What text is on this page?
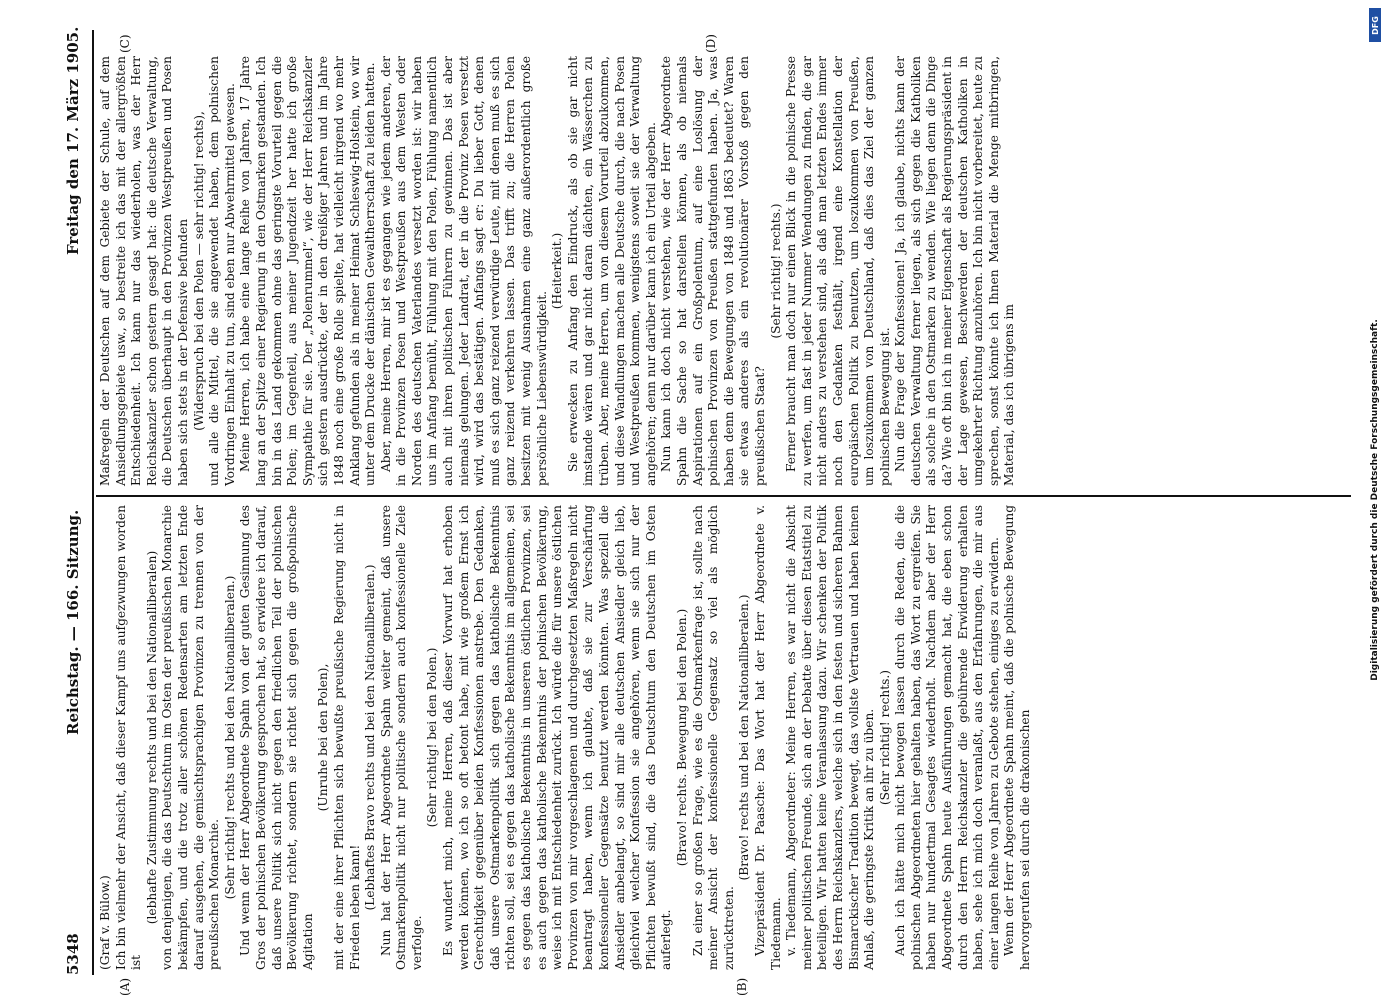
5348
Reichstag. — 166. Sitzung.
Freitag den 17. März 1905.
(A)	(B)
(C)	(D)

(Graf v. Bülow.) Ich bin vielmehr der Ansicht, daß dieser Kampf uns aufgezwungen worden ist

(lebhafte Zustimmung rechts und bei den Nationalliberalen) von denjenigen, die das Deutschtum im Osten der preußischen Monarchie bekämpfen, und die trotz aller schönen Redensarten am letzten Ende darauf ausgehen, die gemischtsprachigen Provinzen zu trennen von der preußischen Monarchie. (Sehr richtig! rechts und bei den Nationalliberalen.) Und wenn der Herr Abgeordnete Spahn von der guten Gesinnung des Gros der polnischen Bevölkerung gesprochen hat, so erwidere ich darauf, daß unsere Politik sich nicht gegen den friedlichen Teil der polnischen Bevölkerung richtet, sondern sie richtet sich gegen die großpolnische Agitation

(Unruhe bei den Polen), mit der eine ihrer Pflichten sich bewußte preußische Regierung nicht in Frieden leben kann! (Lebhaftes Bravo rechts und bei den Nationalliberalen.) Nun hat der Herr Abgeordnete Spahn weiter gemeint, daß unsere Ostmarkenpolitik nicht nur politische sondern auch konfessionelle Ziele verfolge.

(Sehr richtig! bei den Polen.) Es wundert mich, meine Herren, daß dieser Vorwurf hat erhoben werden können, wo ich so oft betont habe, mit wie großem Ernst ich Gerechtigkeit gegenüber beiden Konfessionen anstrebe. Den Gedanken, daß unsere Ostmarkenpolitik sich gegen das katholische Bekenntnis richten soll, sei es gegen das katholische Bekenntnis im allgemeinen, sei es gegen das katholische Bekenntnis in unseren östlichen Provinzen, sei es auch gegen das katholische Bekenntnis der polnischen Bevölkerung, weise ich mit Entschiedenheit zurück. Ich würde die für unsere östlichen Provinzen von mir vorgeschlagenen und durchgesetzten Maßregeln nicht beantragt haben, wenn ich glaubte, daß sie zur Verschärfung konfessioneller Gegensätze benutzt werden könnten. Was speziell die Ansiedler anbelangt, so sind mir alle deutschen Ansiedler gleich lieb, gleichviel welcher Konfession sie angehören, wenn sie sich nur der Pflichten bewußt sind, die das Deutschtum den Deutschen im Osten auferlegt.

(Bravo! rechts. Bewegung bei den Polen.) Zu einer so großen Frage, wie es die Ostmarkenfrage ist, sollte nach meiner Ansicht der konfessionelle Gegensatz so viel als möglich zurücktreten.

(Bravo! rechts und bei den Nationalliberalen.) Vizepräsident Dr. Paasche: Das Wort hat der Herr Abgeordnete v. Tiedemann. v. Tiedemann, Abgeordneter: Meine Herren, es war nicht die Absicht meiner politischen Freunde, sich an der Debatte über diesen Etatstitel zu beteiligen. Wir hatten keine Veranlassung dazu. Wir schenken der Politik des Herrn Reichskanzlers, welche sich in den festen und sicheren Bahnen Bismarckischer Tradition bewegt, das vollste Vertrauen und haben keinen Anlaß, die geringste Kritik an ihr zu üben. (Sehr richtig! rechts.) Auch ich hätte mich nicht bewogen lassen durch die Reden, die die polnischen Abgeordneten hier gehalten haben, das Wort zu ergreifen. Sie haben nur hundertmal Gesagtes wiederholt. Nachdem aber der Herr Abgeordnete Spahn heute Ausführungen gemacht hat, die eben schon durch den Herrn Reichskanzler die gebührende Erwiderung erhalten haben, sehe ich mich doch veranlaßt, aus den Erfahrungen, die mir aus einer langen Reihe von Jahren zu Gebote stehen, einiges zu erwidern. Wenn der Herr Abgeordnete Spahn meint, daß die polnische Bewegung hervorgerufen sei durch die drakonischen

Maßregeln der Deutschen auf dem Gebiete der Schule, auf dem Ansiedlungsgebiete usw., so bestreite ich das mit der allergrößten Entschiedenheit. Ich kann nur das wiederholen, was der Herr Reichskanzler schon gestern gesagt hat: die deutsche Verwaltung, die Deutschen überhaupt in den Provinzen Westpreußen und Posen haben sich stets in der Defensive befunden (Widerspruch bei den Polen — sehr richtig! rechts), und alle die Mittel, die sie angewendet haben, dem polnischen Vordringen Einhalt zu tun, sind eben nur Abwehrmittel gewesen. Meine Herren, ich habe eine lange Reihe von Jahren, 17 Jahre lang an der Spitze einer Regierung in den Ostmarken gestanden. Ich bin in das Land gekommen ohne das geringste Vorurteil gegen die Polen; im Gegenteil, aus meiner Jugendzeit her hatte ich große Sympathie für sie. Der „Polenrummel“, wie der Herr Reichskanzler sich gestern ausdrückte, der in den dreißiger Jahren und im Jahre 1848 noch eine große Rolle spielte, hat vielleicht nirgend wo mehr Anklang gefunden als in meiner Heimat Schleswig-Holstein, wo wir unter dem Drucke der dänischen Gewaltherrschaft zu leiden hatten. Aber, meine Herren, mir ist es gegangen wie jedem anderen, der in die Provinzen Posen und Westpreußen aus dem Westen oder Norden des deutschen Vaterlandes versetzt worden ist: wir haben uns im Anfang bemüht, Fühlung mit den Polen, Fühlung namentlich auch mit ihren politischen Führern zu gewinnen. Das ist aber niemals gelungen. Jeder Landrat, der in die Provinz Posen versetzt wird, wird das bestätigen. Anfangs sagt er: Du lieber Gott, denen muß es sich ganz reizend verwürdige Leute, mit denen muß es sich ganz reizend verkehren lassen. Das trifft zu; die Herren Polen besitzen mit wenig Ausnahmen eine ganz außerordentlich große persönliche Liebenswürdigkeit.

(Heiterkeit.) Sie erwecken zu Anfang den Eindruck, als ob sie gar nicht imstande wären und gar nicht daran dächten, ein Wässerchen zu trüben. Aber, meine Herren, um von diesem Vorurteil abzukommen, und diese Wandlungen machen alle Deutsche durch, die nach Posen und Westpreußen kommen, wenigstens soweit sie der Verwaltung angehören; denn nur darüber kann ich ein Urteil abgeben. Nun kann ich doch nicht verstehen, wie der Herr Abgeordnete Spahn die Sache so hat darstellen können, als ob niemals Aspirationen auf ein Großpolentum, auf eine Loslösung der polnischen Provinzen von Preußen stattgefunden haben. Ja, was haben denn die Bewegungen von 1848 und 1863 bedeutet? Waren sie etwas anderes als ein revolutionärer Vorstoß gegen den preußischen Staat?

(Sehr richtig! rechts.) Ferner braucht man doch nur einen Blick in die polnische Presse zu werfen, um fast in jeder Nummer Wendungen zu finden, die gar nicht anders zu verstehen sind, als daß man letzten Endes immer noch den Gedanken festhält, irgend eine Konstellation der europäischen Politik zu benutzen, um loszukommen von Preußen, um loszukommen von Deutschland, daß dies das Ziel der ganzen polnischen Bewegung ist. Nun die Frage der Konfessionen! Ja, ich glaube, nichts kann der deutschen Verwaltung ferner liegen, als sich gegen die Katholiken als solche in den Ostmarken zu wenden. Wie liegen denn die Dinge da? Wie oft bin ich in meiner Eigenschaft als Regierungspräsident in der Lage gewesen, Beschwerden der deutschen Katholiken in umgekehrter Richtung anzuhören. Ich bin nicht vorbereitet, heute zu sprechen, sonst könnte ich Ihnen Material die Menge mitbringen, Material, das ich übrigens im

DFG
Digitalisierung gefördert durch die Deutsche Forschungsgemeinschaft.
